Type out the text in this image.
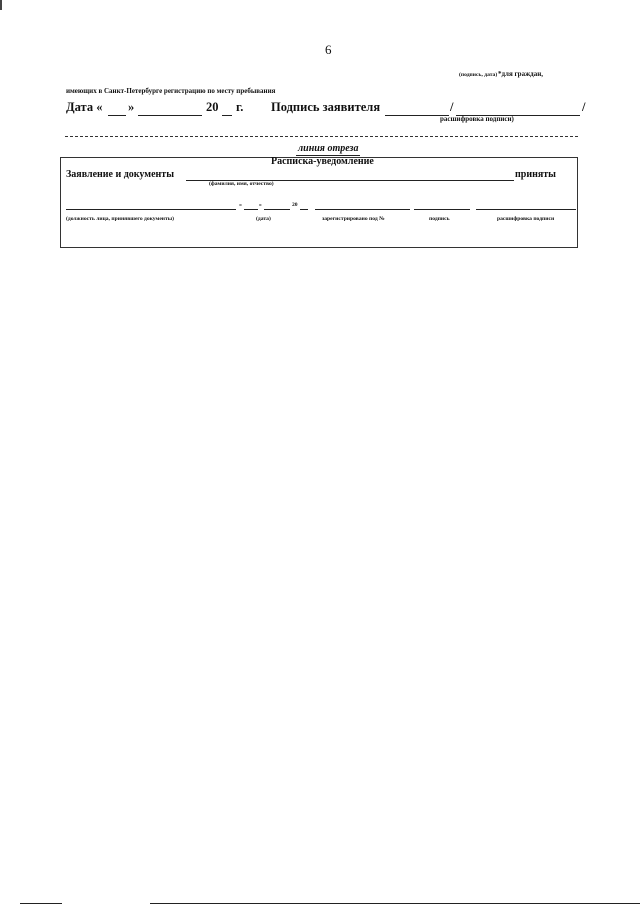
6
(подпись, дата) *для граждан,
имеющих в Санкт-Петербурге регистрацию по месту пребывания
Дата « »	20 г. Подпись заявителя	/	/
расшифровка подписи)
линия отреза
Расписка-уведомление
Заявление и документы	приняты
(фамилия, имя, отчество)
«	»	20
(должность лица, принявшего документы)	(дата)	зарегистрировано под №	подпись	расшифровка подписи
